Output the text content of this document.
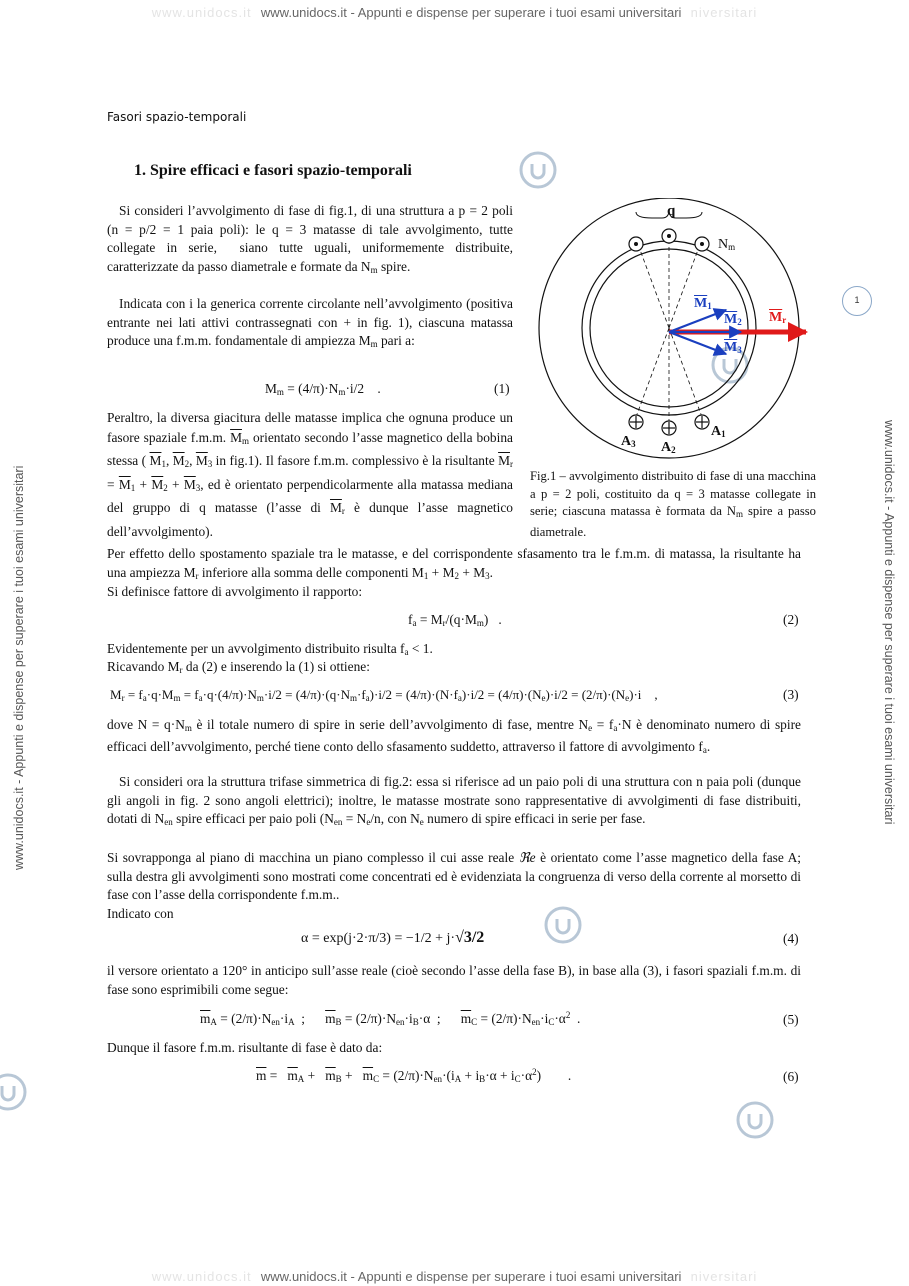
www.unidocs.it  www.unidocs.it - Appunti e dispense per superare i tuoi esami universitari  niversitari
www.unidocs.it  www.unidocs.it - Appunti e dispense per superare i tuoi esami universitari  niversitari
www.unidocs.it - Appunti e dispense per superare i tuoi esami universitari	www.unidocs.it - Appunti e dispense per superare i tuoi esami universitari
1
Fasori spazio-temporali
1. Spire efficaci e fasori spazio-temporali
q
$N_m$
$\overline{M}_1$
$\overline{M}_2$
$\overline{M}_3$
$\overline{M}_r$
$A_1$
$A_2$
$A_3$
Fig.1 – avvolgimento distribuito di fase di una macchina a p = 2 poli, costituito da q = 3 matasse collegate in serie; ciascuna matassa è formata da $N_m$ spire a passo diametrale.
Si consideri l’avvolgimento di fase di fig.1, di una struttura a p = 2 poli (n = p/2 = 1 paia poli): le q = 3 matasse di tale avvolgimento, tutte collegate in serie,  siano tutte uguali, uniformemente distribuite, caratterizzate da passo diametrale e formate da $N_m$ spire.
Indicata con i la generica corrente circolante nell’avvolgimento (positiva entrante nei lati attivi contrassegnati con + in fig. 1), ciascuna matassa produce una f.m.m. fondamentale di ampiezza $M_m$ pari a:
$M_m = (4/\pi)\cdot N_m\cdot i/2$    .	(1)
Peraltro, la diversa giacitura delle matasse implica che ognuna produce un fasore spaziale f.m.m. $\overline{M}_m$ orientato secondo l’asse magnetico della bobina stessa ( $\overline{M}_1$, $\overline{M}_2$, $\overline{M}_3$ in fig.1). Il fasore f.m.m. complessivo è la risultante $\overline{M}_r = \overline{M}_1 + \overline{M}_2 + \overline{M}_3$, ed è orientato perpendicolarmente alla matassa mediana del gruppo di q matasse (l’asse di $\overline{M}_r$ è dunque l’asse magnetico dell’avvolgimento).
Per effetto dello spostamento spaziale tra le matasse, e del corrispondente sfasamento tra le f.m.m. di matassa, la risultante ha una ampiezza $M_r$ inferiore alla somma delle componenti $M_1 + M_2 + M_3$.
Si definisce fattore di avvolgimento il rapporto:
$f_a = M_r/(q\cdot M_m)$   .	(2)
Evidentemente per un avvolgimento distribuito risulta $f_a < 1$.
Ricavando $M_r$ da (2) e inserendo la (1) si ottiene:
$M_r = f_a\cdot q\cdot M_m = f_a\cdot q\cdot(4/\pi)\cdot N_m\cdot i/2 = (4/\pi)\cdot(q\cdot N_m\cdot f_a)\cdot i/2 = (4/\pi)\cdot(N\cdot f_a)\cdot i/2 = (4/\pi)\cdot(N_e)\cdot i/2 = (2/\pi)\cdot(N_e)\cdot i$    ,	(3)
dove $N = q\cdot N_m$ è il totale numero di spire in serie dell’avvolgimento di fase, mentre $N_e = f_a\cdot N$ è denominato numero di spire efficaci dell’avvolgimento, perché tiene conto dello sfasamento suddetto, attraverso il fattore di avvolgimento $f_a$.
Si consideri ora la struttura trifase simmetrica di fig.2: essa si riferisce ad un paio poli di una struttura con n paia poli (dunque gli angoli in fig. 2 sono angoli elettrici); inoltre, le matasse mostrate sono rappresentative di avvolgimenti di fase distribuiti, dotati di $N_{en}$ spire efficaci per paio poli ($N_{en} = N_e/n$, con $N_e$ numero di spire efficaci in serie per fase.
Si sovrapponga al piano di macchina un piano complesso il cui asse reale ℜe è orientato come l’asse magnetico della fase A; sulla destra gli avvolgimenti sono mostrati come concentrati ed è evidenziata la congruenza di verso della corrente al morsetto di fase con l’asse della corrispondente f.m.m..
Indicato con
α = exp(j·2·π/3) = −1/2 + j·√3/2	(4)
il versore orientato a 120° in anticipo sull’asse reale (cioè secondo l’asse della fase B), in base alla (3), i fasori spaziali f.m.m. di fase sono esprimibili come segue:
$\overline{m}_A = (2/\pi)\cdot N_{en}\cdot i_A$  ;      $\overline{m}_B = (2/\pi)\cdot N_{en}\cdot i_B\cdot\alpha$  ;      $\overline{m}_C = (2/\pi)\cdot N_{en}\cdot i_C\cdot\alpha^2$  .	(5)
Dunque il fasore f.m.m. risultante di fase è dato da:
$\overline{m} = \overline{m}_A + \overline{m}_B + \overline{m}_C = (2/\pi)\cdot N_{en}\cdot(i_A + i_B\cdot\alpha + i_C\cdot\alpha^2)$        .	(6)
